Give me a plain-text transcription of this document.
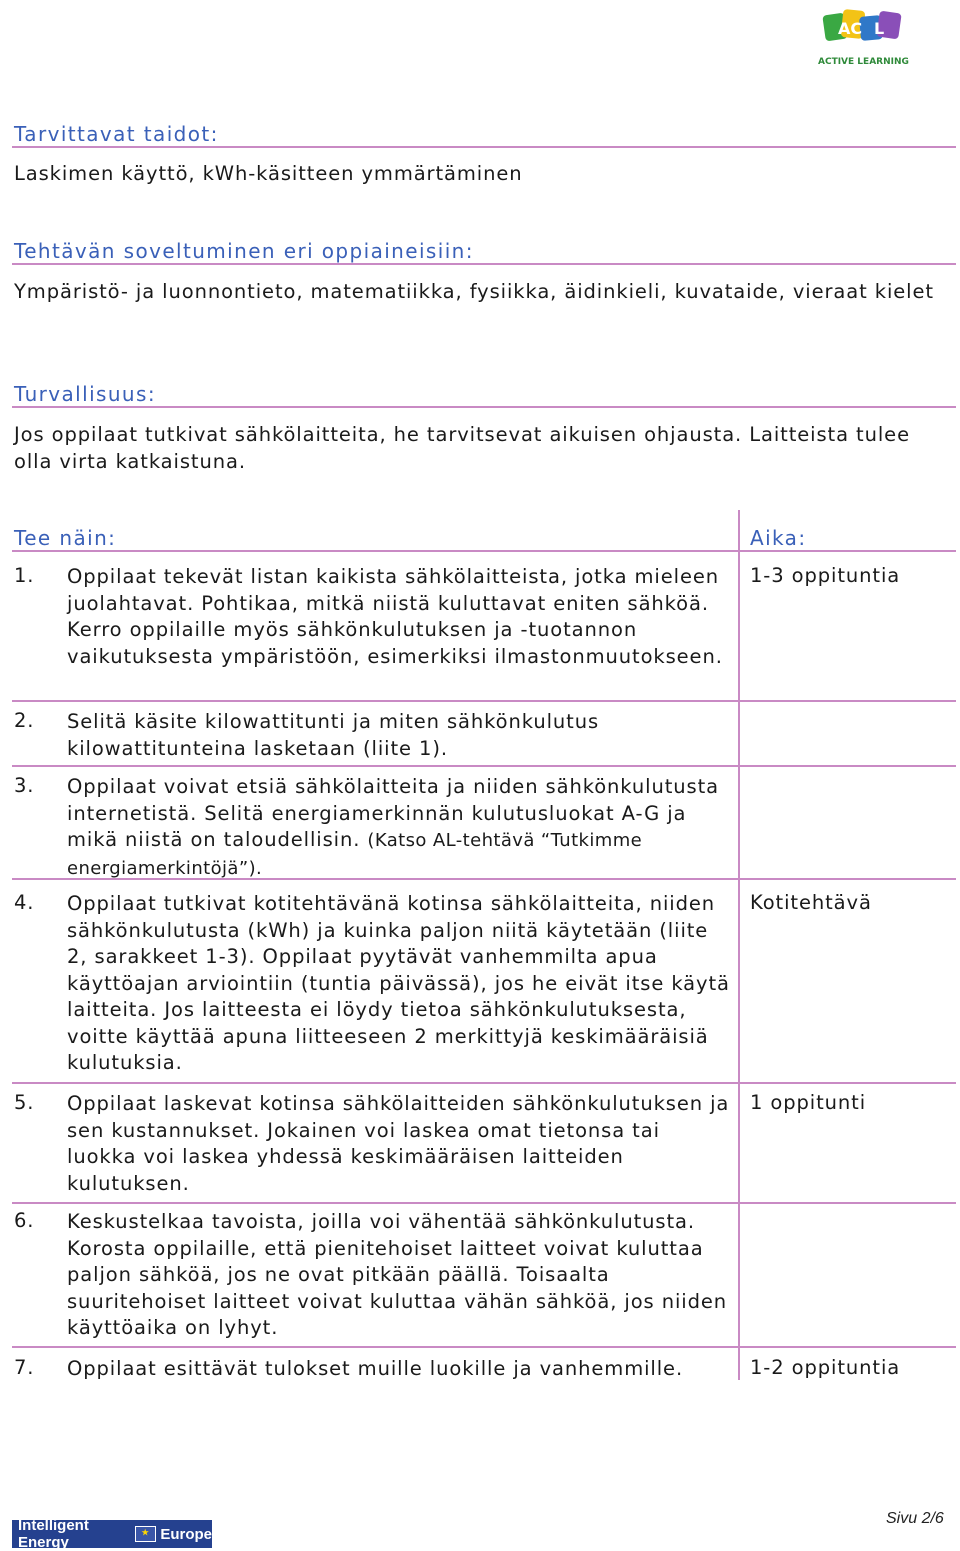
AC L
ACTIVE LEARNING
Tarvittavat taidot:
Laskimen käyttö, kWh-käsitteen ymmärtäminen
Tehtävän soveltuminen eri oppiaineisiin:
Ympäristö- ja luonnontieto, matematiikka, fysiikka, äidinkieli, kuvataide, vieraat kielet
Turvallisuus:
Jos oppilaat tutkivat sähkölaitteita, he tarvitsevat aikuisen ohjausta. Laitteista tulee olla virta katkaistuna.
Tee näin:	Aika:
1. Oppilaat tekevät listan kaikista sähkölaitteista, jotka mieleen juolahtavat. Pohtikaa, mitkä niistä kuluttavat eniten sähköä. Kerro oppilaille myös sähkönkulutuksen ja -tuotannon vaikutuksesta ympäristöön, esimerkiksi ilmastonmuutokseen.
1-3 oppituntia
2. Selitä käsite kilowattitunti ja miten sähkönkulutus kilowattitunteina lasketaan (liite 1).
3. Oppilaat voivat etsiä sähkölaitteita ja niiden sähkönkulutusta internetistä. Selitä energiamerkinnän kulutusluokat A-G ja mikä niistä on taloudellisin. (Katso AL-tehtävä “Tutkimme energiamerkintöjä”).
4. Oppilaat tutkivat kotitehtävänä kotinsa sähkölaitteita, niiden sähkönkulutusta (kWh) ja kuinka paljon niitä käytetään (liite 2, sarakkeet 1-3). Oppilaat pyytävät vanhemmilta apua käyttöajan arviointiin (tuntia päivässä), jos he eivät itse käytä laitteita. Jos laitteesta ei löydy tietoa sähkönkulutuksesta, voitte käyttää apuna liitteeseen 2 merkittyjä keskimääräisiä kulutuksia.
Kotitehtävä
5. Oppilaat laskevat kotinsa sähkölaitteiden sähkönkulutuksen ja sen kustannukset. Jokainen voi laskea omat tietonsa tai luokka voi laskea yhdessä keskimääräisen laitteiden kulutuksen.
1 oppitunti
6. Keskustelkaa tavoista, joilla voi vähentää sähkönkulutusta. Korosta oppilaille, että pienitehoiset laitteet voivat kuluttaa paljon sähköä, jos ne ovat pitkään päällä. Toisaalta suuritehoiset laitteet voivat kuluttaa vähän sähköä, jos niiden käyttöaika on lyhyt.
7. Oppilaat esittävät tulokset muille luokille ja vanhemmille.	1-2 oppituntia
Intelligent Energy
★	Europe
Sivu 2/6
